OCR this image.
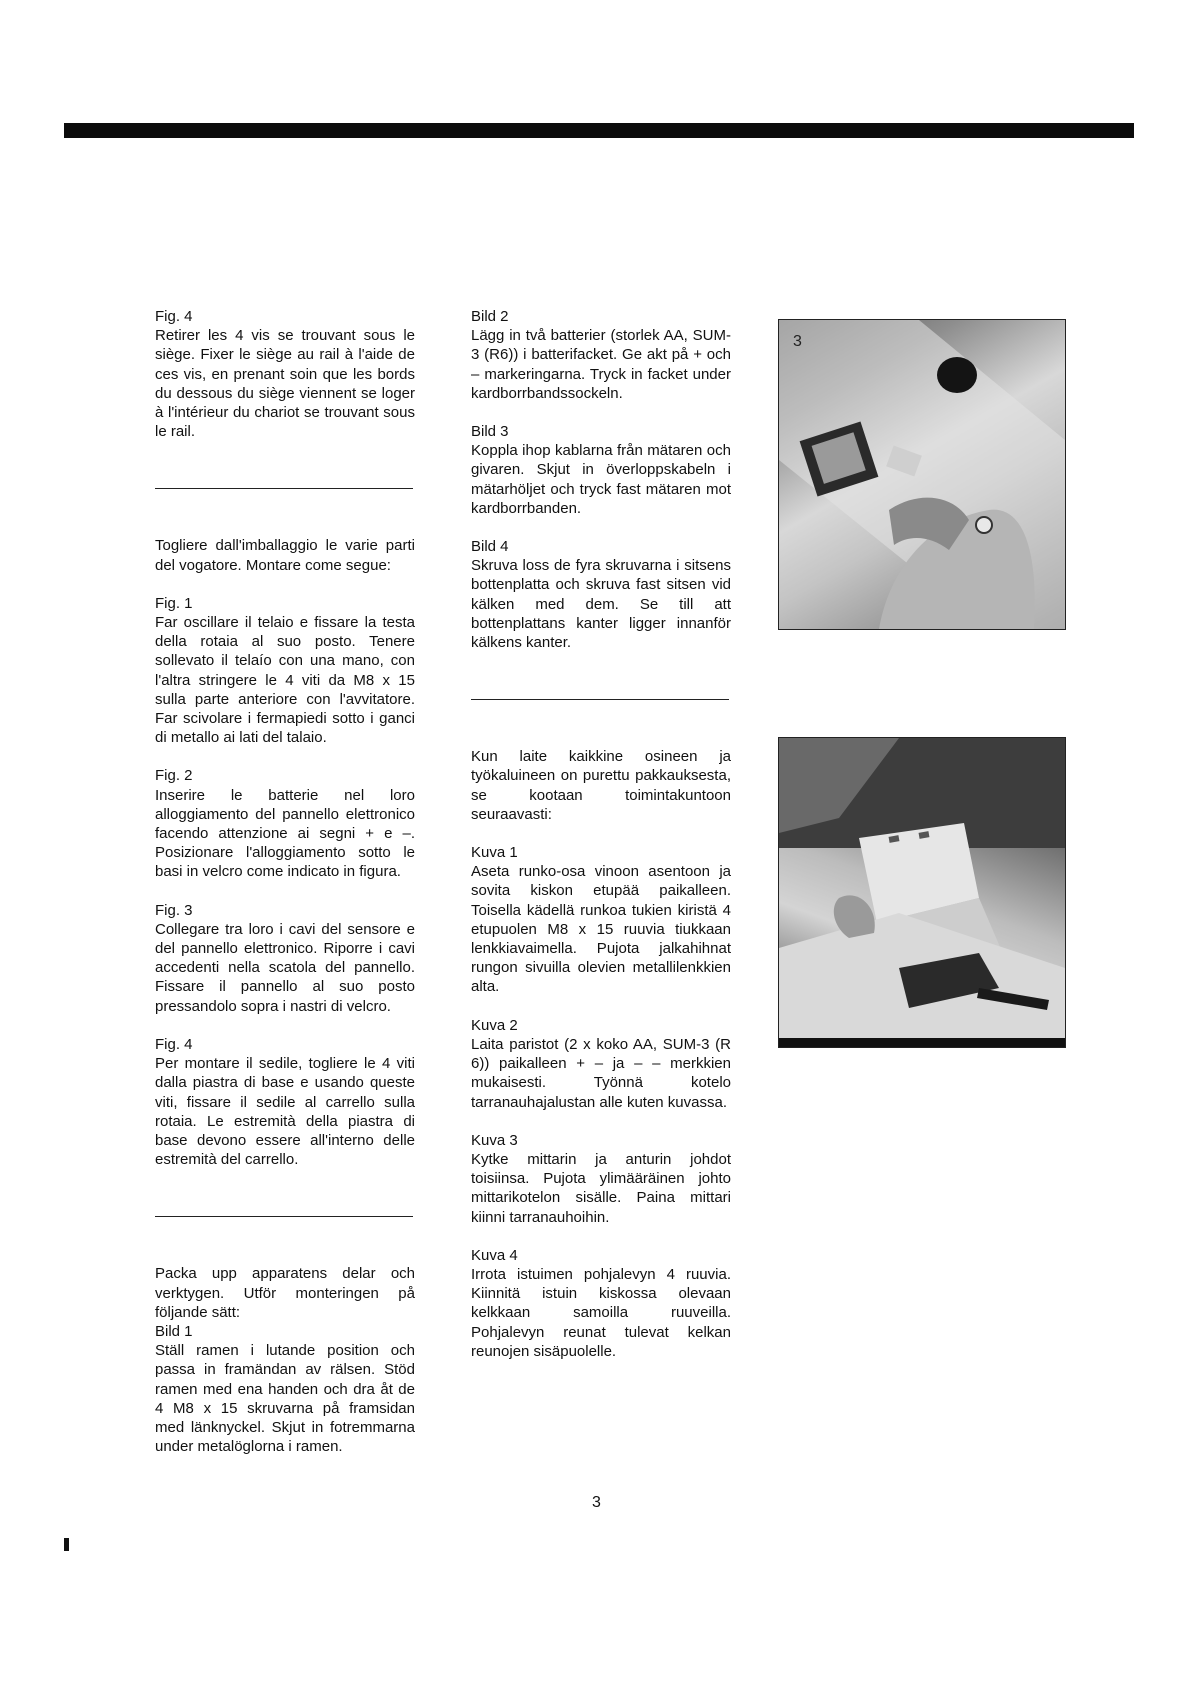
Fig. 4

Retirer les 4 vis se trouvant sous le siège. Fixer le siège au rail à l'aide de ces vis, en prenant soin que les bords du dessous du siège viennent se loger à l'intérieur du chariot se trouvant sous le rail.

Togliere dall'imballaggio le varie parti del vogatore. Montare come segue:

Fig. 1

Far oscillare il telaio e fissare la testa della rotaia al suo posto. Tenere sollevato il telaío con una mano, con l'altra stringere le 4 viti da M8 x 15 sulla parte anteriore con l'avvitatore. Far scivolare i fermapiedi sotto i ganci di metallo ai lati del talaio.

Fig. 2

Inserire le batterie nel loro alloggiamento del pannello elettronico facendo attenzione ai segni + e –. Posizionare l'alloggiamento sotto le basi in velcro come indicato in figura.

Fig. 3

Collegare tra loro i cavi del sensore e del pannello elettronico. Riporre i cavi accedenti nella scatola del pannello. Fissare il pannello al suo posto pressandolo sopra i nastri di velcro.

Fig. 4

Per montare il sedile, togliere le 4 viti dalla piastra di base e usando queste viti, fissare il sedile al carrello sulla rotaia. Le estremità della piastra di base devono essere all'interno delle estremità del carrello.

Packa upp apparatens delar och verktygen. Utför monteringen på följande sätt:

Bild 1

Ställ ramen i lutande position och passa in framändan av rälsen. Stöd ramen med ena handen och dra åt de 4 M8 x 15 skruvarna på framsidan med länknyckel. Skjut in fotremmarna under metalöglorna i ramen.

Bild 2

Lägg in två batterier (storlek AA, SUM-3 (R6)) i batterifacket. Ge akt på + och – markeringarna. Tryck in facket under kardborrbandssockeln.

Bild 3

Koppla ihop kablarna från mätaren och givaren. Skjut in överloppskabeln i mätarhöljet och tryck fast mätaren mot kardborrbanden.

Bild 4

Skruva loss de fyra skruvarna i sitsens bottenplatta och skruva fast sitsen vid kälken med dem. Se till att bottenplattans kanter ligger innanför kälkens kanter.

Kun laite kaikkine osineen ja työkaluineen on purettu pakkauksesta, se kootaan toimintakuntoon seuraavasti:

Kuva 1

Aseta runko-osa vinoon asentoon ja sovita kiskon etupää paikalleen. Toisella kädellä runkoa tukien kiristä 4 etupuolen M8 x 15 ruuvia tiukkaan lenkkiavaimella. Pujota jalkahihnat rungon sivuilla olevien metallilenkkien alta.

Kuva 2

Laita paristot (2 x koko AA, SUM-3 (R 6)) paikalleen + – ja – – merkkien mukaisesti. Työnnä kotelo tarranauhajalustan alle kuten kuvassa.

Kuva 3

Kytke mittarin ja anturin johdot toisiinsa. Pujota ylimääräinen johto mittarikotelon sisälle. Paina mittari kiinni tarranauhoihin.

Kuva 4

Irrota istuimen pohjalevyn 4 ruuvia. Kiinnitä istuin kiskossa olevaan kelkkaan samoilla ruuveilla. Pohjalevyn reunat tulevat kelkan reunojen sisäpuolelle.

3
3
